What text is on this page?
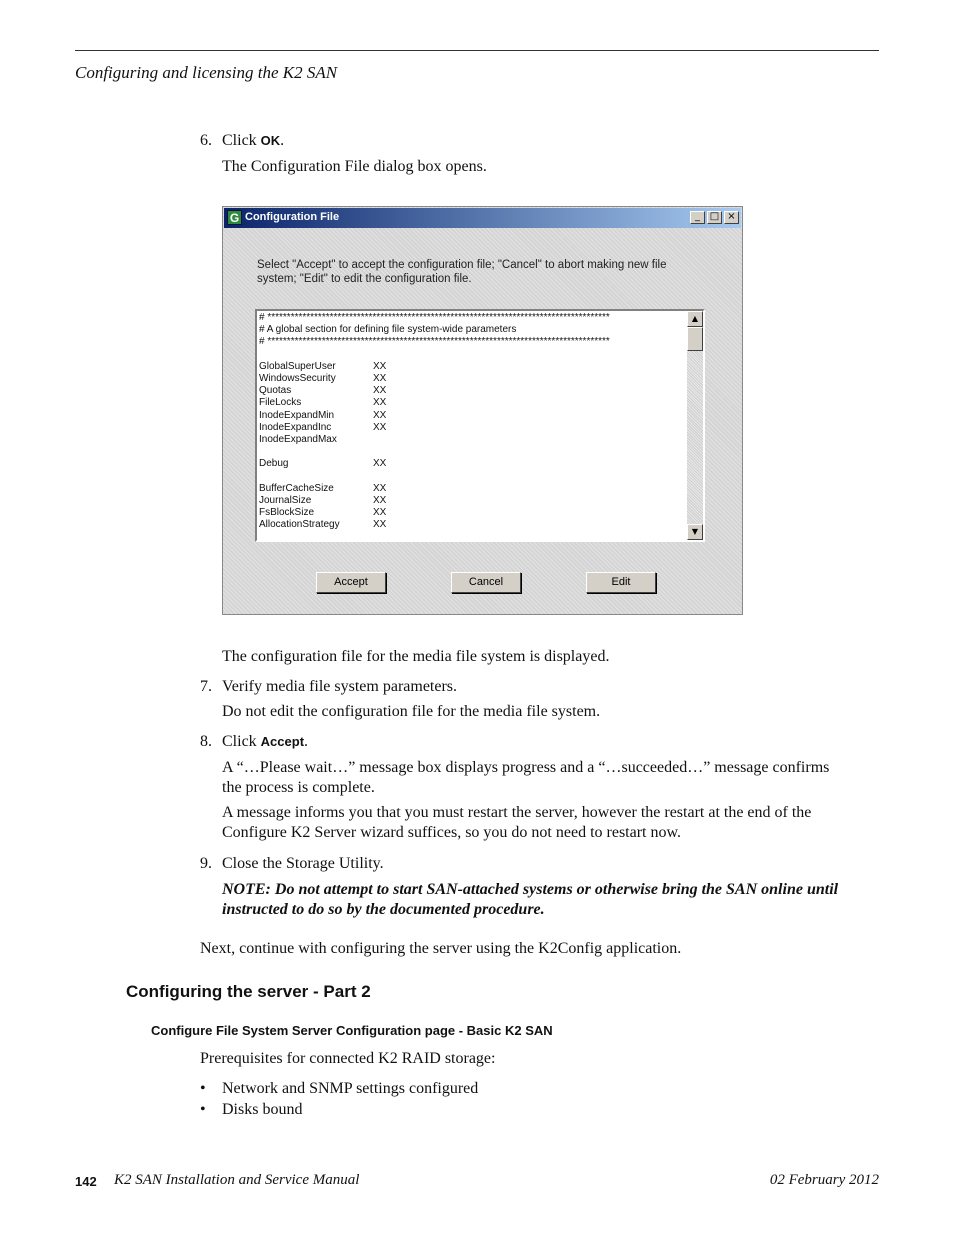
Configuring and licensing the K2 SAN
6. Click OK.
The Configuration File dialog box opens.
G Configuration File	_ □ ×
Select "Accept" to accept the configuration file; "Cancel" to abort making new file
system; "Edit" to edit the configuration file.
# ****************************************************************************************
# A global section for defining file system-wide parameters
# ****************************************************************************************
GlobalSuperUser	XX
WindowsSecurity	XX
Quotas	XX
FileLocks	XX
InodeExpandMin	XX
InodeExpandInc	XX
InodeExpandMax
Debug	XX
BufferCacheSize	XX
JournalSize	XX
FsBlockSize	XX
AllocationStrategy	XX
▲
▼
Accept	Cancel	Edit
The configuration file for the media file system is displayed.
7. Verify media file system parameters.
Do not edit the configuration file for the media file system.
8. Click Accept.
A “…Please wait…” message box displays progress and a “…succeeded…” message confirms
the process is complete.
A message informs you that you must restart the server, however the restart at the end of the
Configure K2 Server wizard suffices, so you do not need to restart now.
9. Close the Storage Utility.
NOTE: Do not attempt to start SAN-attached systems or otherwise bring the SAN online until
instructed to do so by the documented procedure.
Next, continue with configuring the server using the K2Config application.
Configuring the server - Part 2
Configure File System Server Configuration page - Basic K2 SAN
Prerequisites for connected K2 RAID storage:
• Network and SNMP settings configured
• Disks bound
142 K2 SAN Installation and Service Manual	02 February 2012
